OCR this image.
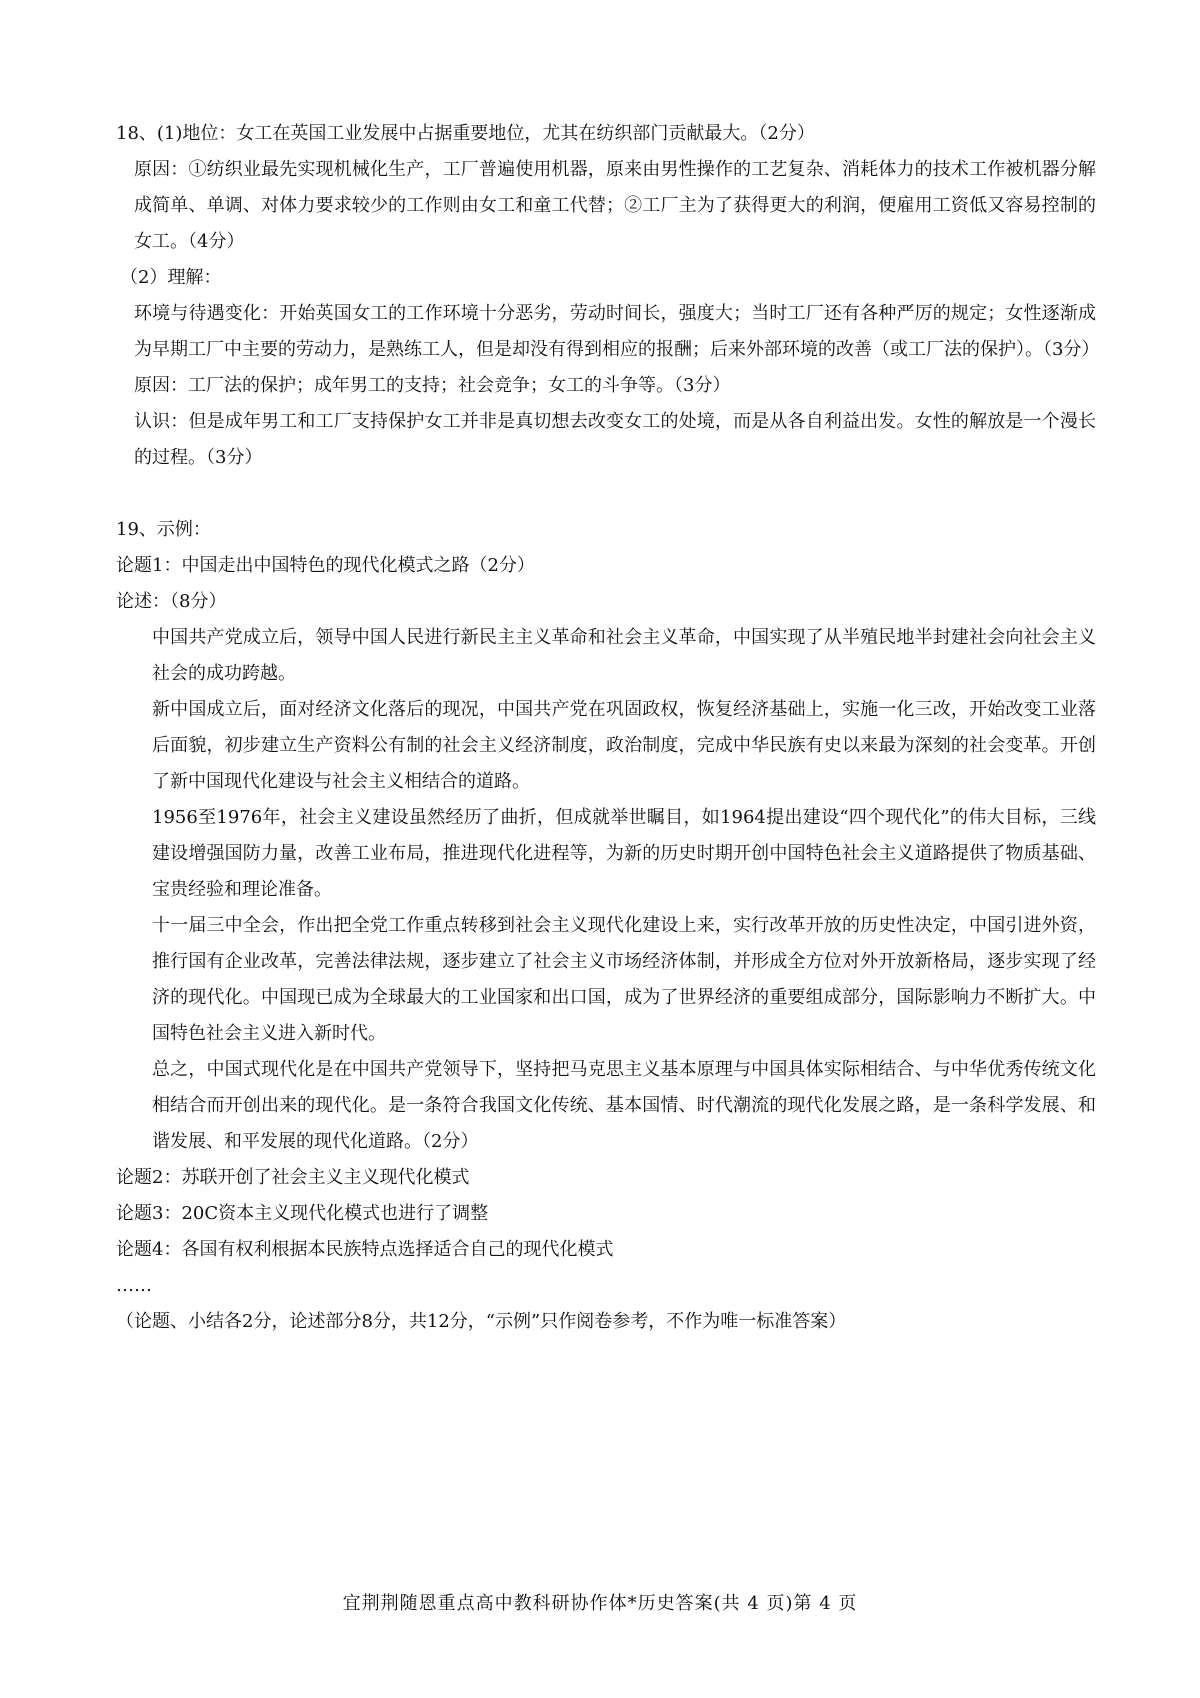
18、(1)地位：女工在英国工业发展中占据重要地位，尤其在纺织部门贡献最大。（2分）

原因：①纺织业最先实现机械化生产，工厂普遍使用机器，原来由男性操作的工艺复杂、消耗体力的技术工作被机器分解成简单、单调、对体力要求较少的工作则由女工和童工代替；②工厂主为了获得更大的利润，便雇用工资低又容易控制的女工。（4分）

（2）理解：

环境与待遇变化：开始英国女工的工作环境十分恶劣，劳动时间长，强度大；当时工厂还有各种严厉的规定；女性逐渐成为早期工厂中主要的劳动力，是熟练工人，但是却没有得到相应的报酬；后来外部环境的改善（或工厂法的保护）。（3分）

原因：工厂法的保护；成年男工的支持；社会竞争；女工的斗争等。（3分）

认识：但是成年男工和工厂支持保护女工并非是真切想去改变女工的处境，而是从各自利益出发。女性的解放是一个漫长的过程。（3分）

19、示例：

论题1：中国走出中国特色的现代化模式之路（2分）

论述：（8分）

中国共产党成立后，领导中国人民进行新民主主义革命和社会主义革命，中国实现了从半殖民地半封建社会向社会主义社会的成功跨越。

新中国成立后，面对经济文化落后的现况，中国共产党在巩固政权，恢复经济基础上，实施一化三改，开始改变工业落后面貌，初步建立生产资料公有制的社会主义经济制度，政治制度，完成中华民族有史以来最为深刻的社会变革。开创了新中国现代化建设与社会主义相结合的道路。

1956至1976年，社会主义建设虽然经历了曲折，但成就举世瞩目，如1964提出建设“四个现代化”的伟大目标，三线建设增强国防力量，改善工业布局，推进现代化进程等，为新的历史时期开创中国特色社会主义道路提供了物质基础、宝贵经验和理论准备。

十一届三中全会，作出把全党工作重点转移到社会主义现代化建设上来，实行改革开放的历史性决定，中国引进外资，推行国有企业改革，完善法律法规，逐步建立了社会主义市场经济体制，并形成全方位对外开放新格局，逐步实现了经济的现代化。中国现已成为全球最大的工业国家和出口国，成为了世界经济的重要组成部分，国际影响力不断扩大。中国特色社会主义进入新时代。

总之，中国式现代化是在中国共产党领导下，坚持把马克思主义基本原理与中国具体实际相结合、与中华优秀传统文化相结合而开创出来的现代化。是一条符合我国文化传统、基本国情、时代潮流的现代化发展之路，是一条科学发展、和谐发展、和平发展的现代化道路。（2分）

论题2：苏联开创了社会主义主义现代化模式

论题3：20C资本主义现代化模式也进行了调整

论题4：各国有权利根据本民族特点选择适合自己的现代化模式

……

（论题、小结各2分，论述部分8分，共12分，“示例”只作阅卷参考，不作为唯一标准答案）

宜荆荆随恩重点高中教科研协作体*历史答案(共 4 页)第 4 页
